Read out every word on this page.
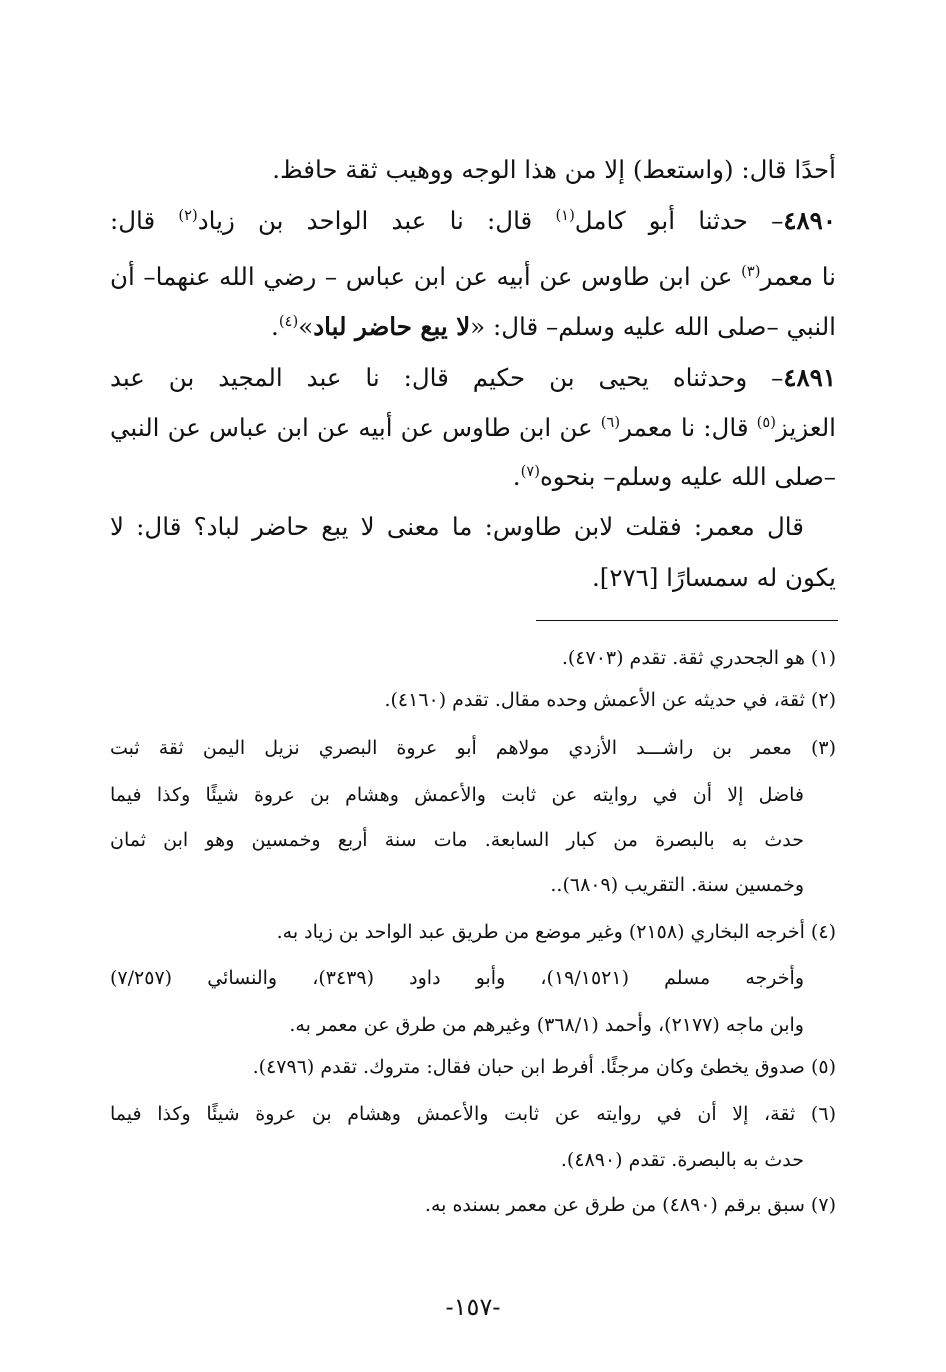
أحدًا قال: (واستعط) إلا من هذا الوجه ووهيب ثقة حافظ.
٤٨٩٠– حدثنا أبو كامل$^{(١)}$ قال: نا عبد الواحد بن زياد$^{(٢)}$ قال:
نا معمر$^{(٣)}$ عن ابن طاوس عن أبيه عن ابن عباس – رضي الله عنهما– أن
النبي –صلى الله عليه وسلم– قال: «لا يبع حاضر لباد»$^{(٤)}$.
٤٨٩١– وحدثناه يحيى بن حكيم قال: نا عبد المجيد بن عبد
العزيز$^{(٥)}$ قال: نا معمر$^{(٦)}$ عن ابن طاوس عن أبيه عن ابن عباس عن النبي
–صلى الله عليه وسلم– بنحوه$^{(٧)}$.
قال معمر: فقلت لابن طاوس: ما معنى لا يبع حاضر لباد؟ قال: لا
يكون له سمسارًا [٢٧٦].
(١) هو الجحدري ثقة. تقدم (٤٧٠٣).
(٢) ثقة، في حديثه عن الأعمش وحده مقال. تقدم (٤١٦٠).
(٣) معمر بن راشـــد الأزدي مولاهم أبو عروة البصري نزيل اليمن ثقة ثبت
فاضل إلا أن في روايته عن ثابت والأعمش وهشام بن عروة شيئًا وكذا فيما
حدث به بالبصرة من كبار السابعة. مات سنة أربع وخمسين وهو ابن ثمان
وخمسين سنة. التقريب (٦٨٠٩)..
(٤) أخرجه البخاري (٢١٥٨) وغير موضع من طريق عبد الواحد بن زياد به.
وأخرجه مسلم (١٩/١٥٢١)، وأبو داود (٣٤٣٩)، والنسائي (٧/٢٥٧)
وابن ماجه (٢١٧٧)، وأحمد (٣٦٨/١) وغيرهم من طرق عن معمر به.
(٥) صدوق يخطئ وكان مرجئًا. أفرط ابن حبان فقال: متروك. تقدم (٤٧٩٦).
(٦) ثقة، إلا أن في روايته عن ثابت والأعمش وهشام بن عروة شيئًا وكذا فيما
حدث به بالبصرة. تقدم (٤٨٩٠).
(٧) سبق برقم (٤٨٩٠) من طرق عن معمر بسنده به.
-١٥٧-
